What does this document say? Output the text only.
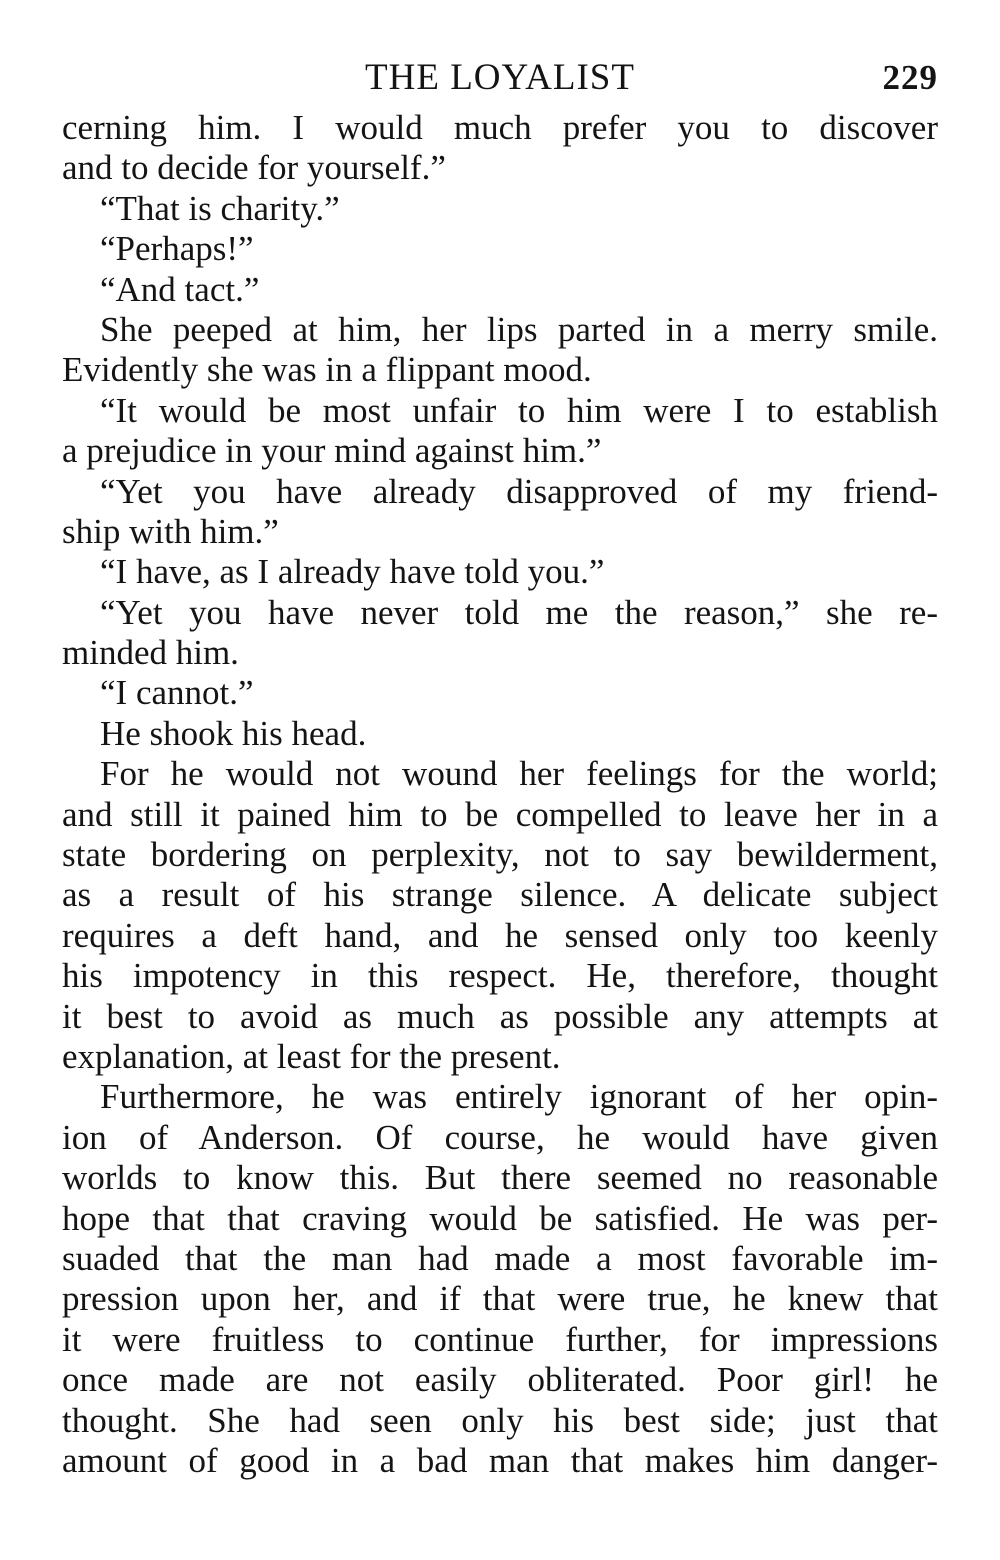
THE LOYALIST	229
cerning him. I would much prefer you to discover
and to decide for yourself.”
“That is charity.”
“Perhaps!”
“And tact.”
She peeped at him, her lips parted in a merry smile.
Evidently she was in a flippant mood.
“It would be most unfair to him were I to establish
a prejudice in your mind against him.”
“Yet you have already disapproved of my friend-
ship with him.”
“I have, as I already have told you.”
“Yet you have never told me the reason,” she re-
minded him.
“I cannot.”
He shook his head.
For he would not wound her feelings for the world;
and still it pained him to be compelled to leave her in a
state bordering on perplexity, not to say bewilderment,
as a result of his strange silence. A delicate subject
requires a deft hand, and he sensed only too keenly
his impotency in this respect. He, therefore, thought
it best to avoid as much as possible any attempts at
explanation, at least for the present.
Furthermore, he was entirely ignorant of her opin-
ion of Anderson. Of course, he would have given
worlds to know this. But there seemed no reasonable
hope that that craving would be satisfied. He was per-
suaded that the man had made a most favorable im-
pression upon her, and if that were true, he knew that
it were fruitless to continue further, for impressions
once made are not easily obliterated. Poor girl! he
thought. She had seen only his best side; just that
amount of good in a bad man that makes him danger-
